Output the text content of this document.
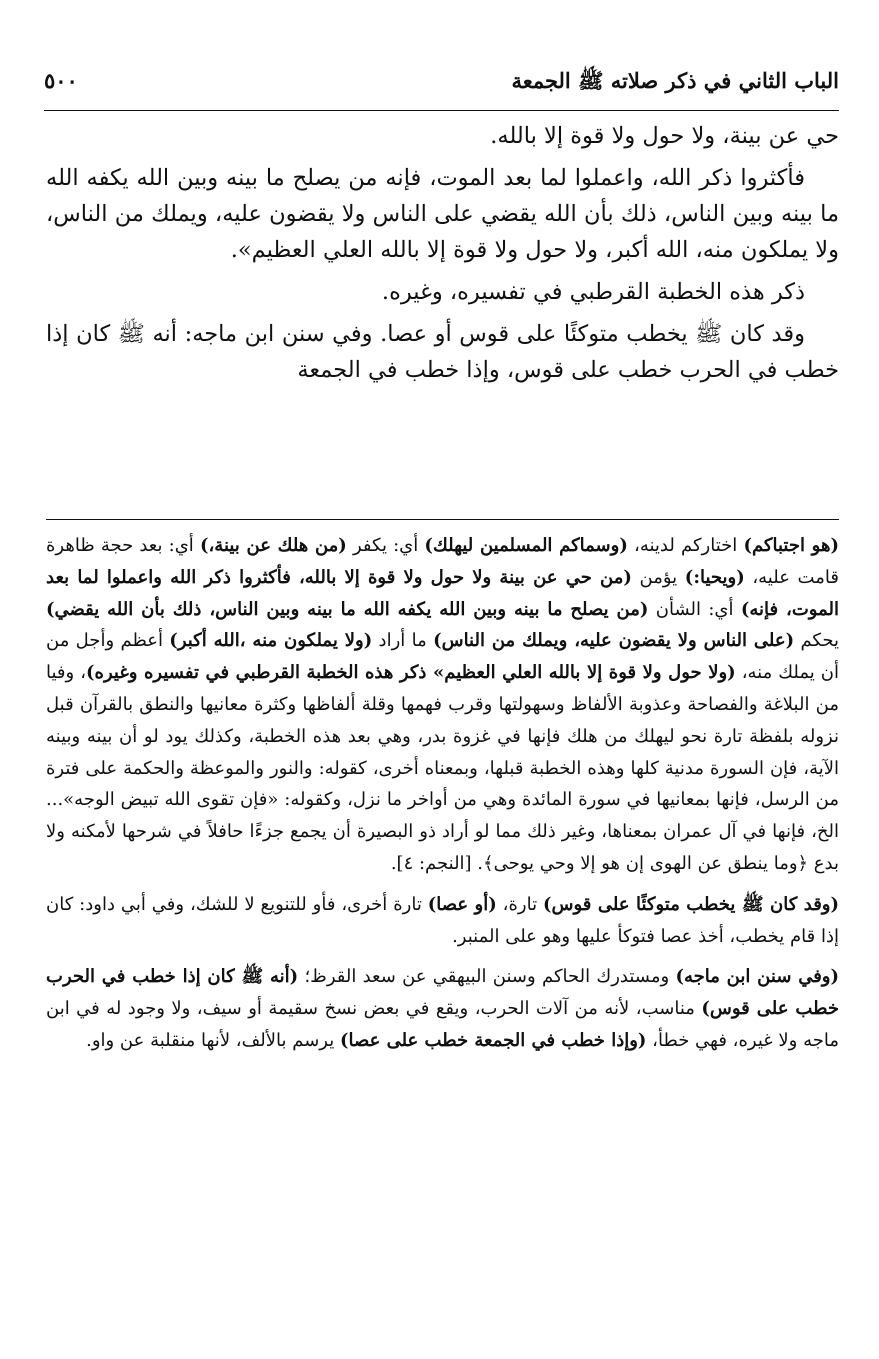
الباب الثاني في ذكر صلاته ﷺ الجمعة
٥٠٠

حي عن بينة، ولا حول ولا قوة إلا بالله.

فأكثروا ذكر الله، واعملوا لما بعد الموت، فإنه من يصلح ما بينه وبين الله يكفه الله ما بينه وبين الناس، ذلك بأن الله يقضي على الناس ولا يقضون عليه، ويملك من الناس، ولا يملكون منه، الله أكبر، ولا حول ولا قوة إلا بالله العلي العظيم».

ذكر هذه الخطبة القرطبي في تفسيره، وغيره.

وقد كان ﷺ يخطب متوكئًا على قوس أو عصا. وفي سنن ابن ماجه: أنه ﷺ كان إذا خطب في الحرب خطب على قوس، وإذا خطب في الجمعة

(هو اجتباكم) اختاركم لدينه، (وسماكم المسلمين ليهلك) أي: يكفر (من هلك عن بينة،) أي: بعد حجة ظاهرة قامت عليه، (ويحيا:) يؤمن (من حي عن بينة ولا حول ولا قوة إلا بالله، فأكثروا ذكر الله واعملوا لما بعد الموت، فإنه) أي: الشأن (من يصلح ما بينه وبين الله يكفه الله ما بينه وبين الناس، ذلك بأن الله يقضي) يحكم (على الناس ولا يقضون عليه، ويملك من الناس) ما أراد (ولا يملكون منه ،الله أكبر) أعظم وأجل من أن يملك منه، (ولا حول ولا قوة إلا بالله العلي العظيم» ذكر هذه الخطبة القرطبي في تفسيره وغيره)، وفيا من البلاغة والفصاحة وعذوبة الألفاظ وسهولتها وقرب فهمها وقلة ألفاظها وكثرة معانيها والنطق بالقرآن قبل نزوله بلفظة تارة نحو ليهلك من هلك فإنها في غزوة بدر، وهي بعد هذه الخطبة، وكذلك يود لو أن بينه وبينه الآية، فإن السورة مدنية كلها وهذه الخطبة قبلها، وبمعناه أخرى، كقوله: والنور والموعظة والحكمة على فترة من الرسل، فإنها بمعانيها في سورة المائدة وهي من أواخر ما نزل، وكقوله: «فإن تقوى الله تبيض الوجه»... الخ، فإنها في آل عمران بمعناها، وغير ذلك مما لو أراد ذو البصيرة أن يجمع جزءًا حافلاً في شرحها لأمكنه ولا بدع ﴿وما ينطق عن الهوى إن هو إلا وحي يوحى﴾. [النجم: ٤].

(وقد كان ﷺ يخطب متوكئًا على قوس) تارة، (أو عصا) تارة أخرى، فأو للتنويع لا للشك، وفي أبي داود: كان إذا قام يخطب، أخذ عصا فتوكأ عليها وهو على المنبر.

(وفي سنن ابن ماجه) ومستدرك الحاكم وسنن البيهقي عن سعد القرظ؛ (أنه ﷺ كان إذا خطب في الحرب خطب على قوس) مناسب، لأنه من آلات الحرب، ويقع في بعض نسخ سقيمة أو سيف، ولا وجود له في ابن ماجه ولا غيره، فهي خطأ، (وإذا خطب في الجمعة خطب على عصا) يرسم بالألف، لأنها منقلبة عن واو.
